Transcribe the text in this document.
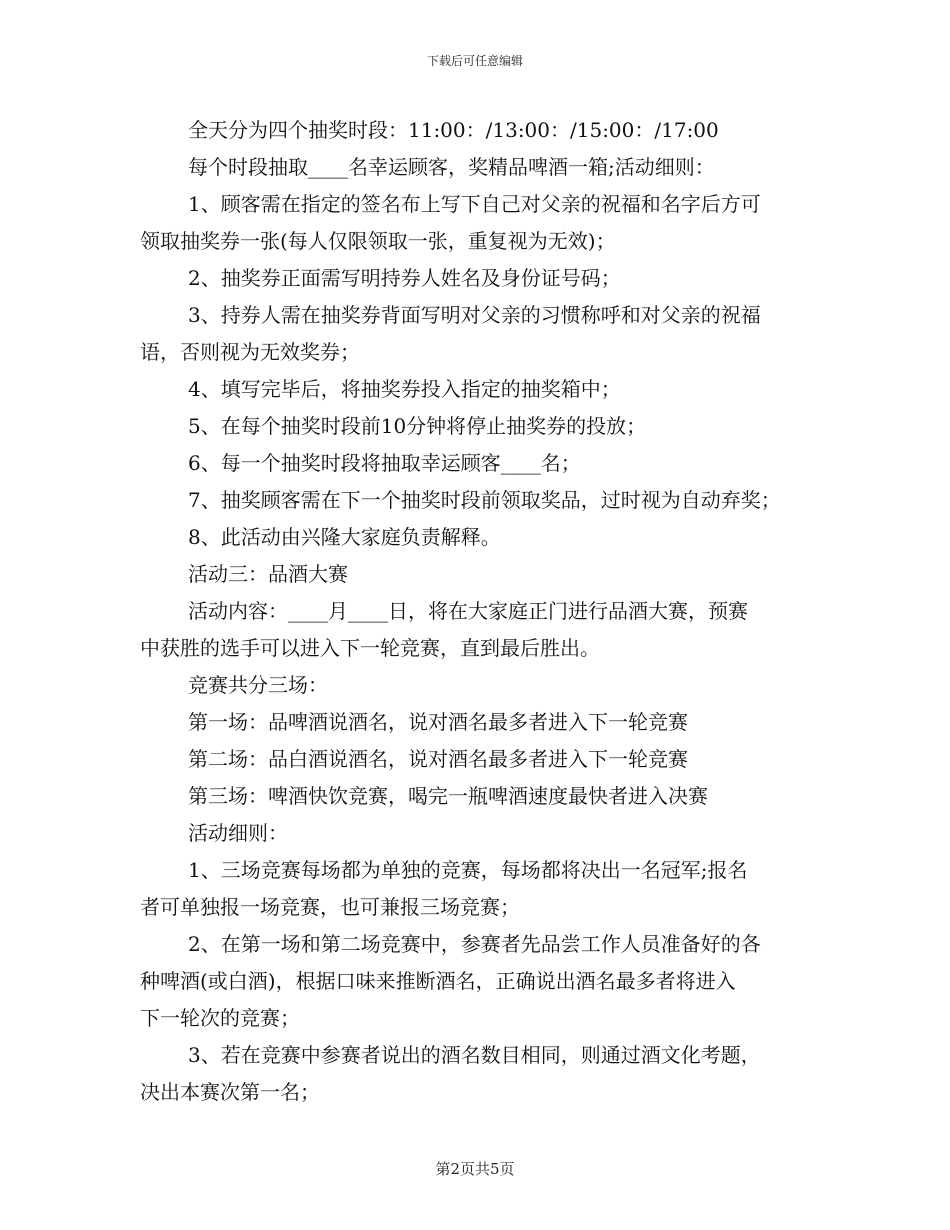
下载后可任意编辑
全天分为四个抽奖时段：11:00：/13:00：/15:00：/17:00
每个时段抽取____名幸运顾客，奖精品啤酒一箱;活动细则：
1、顾客需在指定的签名布上写下自己对父亲的祝福和名字后方可
领取抽奖券一张(每人仅限领取一张，重复视为无效)；
2、抽奖券正面需写明持券人姓名及身份证号码；
3、持券人需在抽奖券背面写明对父亲的习惯称呼和对父亲的祝福
语，否则视为无效奖券；
4、填写完毕后，将抽奖券投入指定的抽奖箱中；
5、在每个抽奖时段前10分钟将停止抽奖券的投放；
6、每一个抽奖时段将抽取幸运顾客____名；
7、抽奖顾客需在下一个抽奖时段前领取奖品，过时视为自动弃奖；
8、此活动由兴隆大家庭负责解释。
活动三：品酒大赛
活动内容：____月____日，将在大家庭正门进行品酒大赛，预赛
中获胜的选手可以进入下一轮竞赛，直到最后胜出。
竞赛共分三场：
第一场：品啤酒说酒名，说对酒名最多者进入下一轮竞赛
第二场：品白酒说酒名，说对酒名最多者进入下一轮竞赛
第三场：啤酒快饮竞赛，喝完一瓶啤酒速度最快者进入决赛
活动细则：
1、三场竞赛每场都为单独的竞赛，每场都将决出一名冠军;报名
者可单独报一场竞赛，也可兼报三场竞赛；
2、在第一场和第二场竞赛中，参赛者先品尝工作人员准备好的各
种啤酒(或白酒)，根据口味来推断酒名，正确说出酒名最多者将进入
下一轮次的竞赛；
3、若在竞赛中参赛者说出的酒名数目相同，则通过酒文化考题，
决出本赛次第一名；
第2页共5页
